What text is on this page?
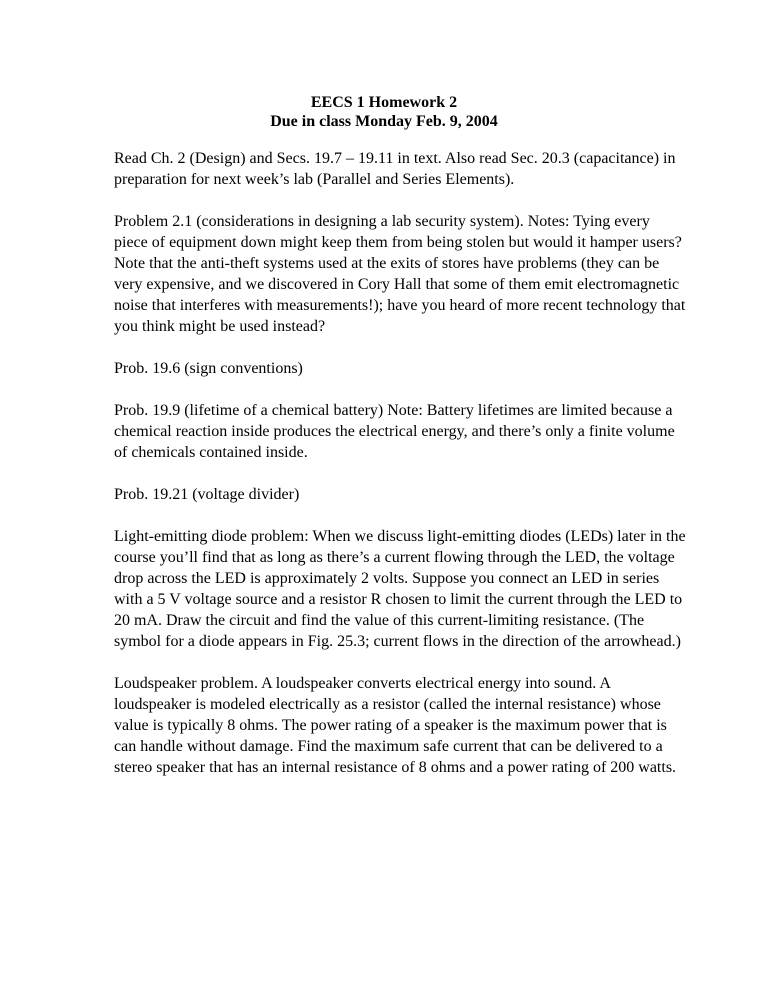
EECS 1 Homework 2
Due in class Monday Feb. 9, 2004

Read Ch. 2 (Design) and Secs. 19.7 – 19.11 in text. Also read Sec. 20.3 (capacitance) in
preparation for next week’s lab (Parallel and Series Elements).

Problem 2.1 (considerations in designing a lab security system). Notes: Tying every
piece of equipment down might keep them from being stolen but would it hamper users?
Note that the anti-theft systems used at the exits of stores have problems (they can be
very expensive, and we discovered in Cory Hall that some of them emit electromagnetic
noise that interferes with measurements!); have you heard of more recent technology that
you think might be used instead?

Prob. 19.6 (sign conventions)

Prob. 19.9 (lifetime of a chemical battery) Note: Battery lifetimes are limited because a
chemical reaction inside produces the electrical energy, and there’s only a finite volume
of chemicals contained inside.

Prob. 19.21 (voltage divider)

Light-emitting diode problem: When we discuss light-emitting diodes (LEDs) later in the
course you’ll find that as long as there’s a current flowing through the LED, the voltage
drop across the LED is approximately 2 volts. Suppose you connect an LED in series
with a 5 V voltage source and a resistor R chosen to limit the current through the LED to
20 mA. Draw the circuit and find the value of this current-limiting resistance. (The
symbol for a diode appears in Fig. 25.3; current flows in the direction of the arrowhead.)

Loudspeaker problem. A loudspeaker converts electrical energy into sound. A
loudspeaker is modeled electrically as a resistor (called the internal resistance) whose
value is typically 8 ohms. The power rating of a speaker is the maximum power that is
can handle without damage. Find the maximum safe current that can be delivered to a
stereo speaker that has an internal resistance of 8 ohms and a power rating of 200 watts.
